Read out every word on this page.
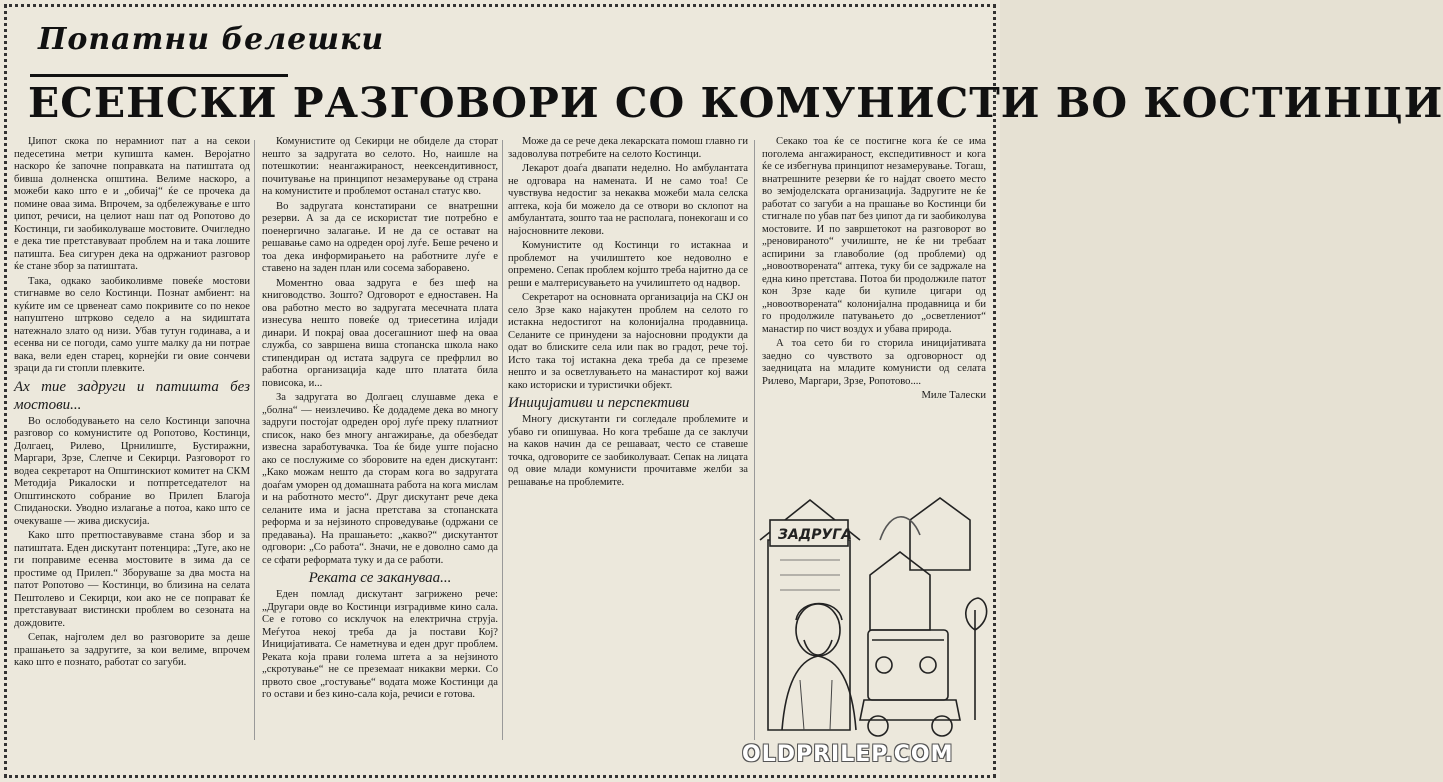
Попатни белешки
ЕСЕНСКИ РАЗГОВОРИ СО КОМУНИСТИ ВО КОСТИНЦИ

Џипот скока по нерамниот пат а на секои педесетина метри купиштa камен. Веројатно наскоро ќе започне поправката на патиштата од бившa долненска општина. Велиме наскоро, а можеби како што е и „обичај“ ќе се прочека да помине оваа зима. Впрочем, за одбележување е што џипот, речиси, на целиот наш пат од Ропотово до Костинци, ги заобиколуваше мостовите. Очигледно е дека тие претставуваат проблем на и така лошите патишта. Беа сигурен дека на одржаниот разговор ќе стане збор за патиштата.

Така, одкако заобиколивме повеќе мостови стигнавме во село Костинци. Познат амбиент: на куќите им се црвенеат само покривите со по некое напуштено штрково седело а на ѕидиштата натежнало злато од низи. Убав тутун годинава, а и есенва ни се погоди, само уште малку да ни потрае вака, вели еден старец, корнејќи ги овие сончеви зраци да ги стопли плевките.

Ах тие задруги и патишта без мостови...

Во ослободувањето на село Костинци започна разговор со комунистите од Ропотово, Костинци, Долгаец, Рилево, Црнилиште, Бустиражни, Маргари, Зрзе, Слепче и Секирци. Разговорот го водеа секретарот на Општинскиот комитет на СКМ Методија Рикалоски и потпретседателот на Општинското собрание во Прилеп Благоја Спиданоски. Уводно излагање а потоа, како што се очекуваше — жива дискусија.

Како што претпоставувавме стана збор и за патиштата. Еден дискутант потенцира: „Туге, ако не ги поправиме есенва мостовите в зима да се простиме од Прилеп.“ Зборуваше за два моста на патот Ропотово — Костинци, во близина на селата Пештолево и Секирци, кои ако не се поправат ќе претставуваат вистински проблем во сезоната на дождовите.

Сепак, најголем дел во разговорите за деше прашањето за задругите, за кои велиме, впрочем како што е познато, работат со загуби.

Комунистите од Секирци не обиделе да сторат нешто за задругата во селото. Но, наишле на потешкотии: неангажираност, неексендитивност, почитување на принципот незамерување од страна на комунистите и проблемот останал статус кво.

Во задругата констатирани се внатрешни резерви. А за да се искористат тие потребно е поенергично залагање. И не да се остават на решавање само на одреден орој луѓе. Беше речено и тоа дека информирањето на работните луѓе е ставено на заден план или сосема заборавено.

Моментно оваа задруга е без шеф на книговодство. Зошто? Одговорот е едноставен. На ова работно место во задругата месечната плата изнесува нешто повеќе од триесетина илјади динари. И покрај оваа досегашниот шеф на оваа служба, со завршена виша стопанска школа нако стипендиран од истата задруга се префрлил во работна организација каде што платата била повисока, и...

За задругата во Долгаец слушавме дека е „болна“ — неизлечиво. Ќе додадеме дека во многу задруги постојат одреден орој луѓе преку платниот список, нако без многу ангажирање, да обезбедат извесна заработувачка. Тоа ќе биде уште појасно ако се послужиме со зборовите на еден дискутант: „Како можам нешто да сторам кога во задругата доаѓам уморен од домашната работа на кога мислам и на работното место“. Друг дискутант рече дека селаните има и јасна претстава за стопанската реформа и за нејзиното спроведување (одржани се предавања). На прашањето: „какво?“ дискутантот одговори: „Со работа“. Значи, не е доволно само да се сфати реформата туку и да се работи.

Реката се закануваa...

Еден помлад дискутант загрижено рече: „Другари овде во Костинци изградивме кино сала. Се е готово со исклучок на електрична струја. Меѓутоа некој треба да ја постави Кој? Иницијативата. Се наметнува и еден друг проблем. Реката која прави голема штета а за нејзиното „скротување“ не се преземаат никакви мерки. Со првото свое „гостување“ водата може Костинци да го остави и без кино-сала која, речиси е готова.

Може да се рече дека лекарската помош главно ги задоволува потребите на селото Костинци.

Лекарот доаѓа двапати неделно. Но амбулантата не одговара на намената. И не само тоа! Се чувствува недостиг за некаква можеби мала селска аптека, која би можело да се отвори во склопот на амбулантата, зошто таа не располага, понекогаш и со најосновните лекови.

Комунистите од Костинци го истакнаа и проблемот на училиштето кое недоволно е опремено. Сепак проблем којшто треба најитно да се реши е малтерисувањето на училиштето од надвор.

Секретарот на основната организација на СКЈ он село Зрзе како најакутен проблем на селото го истакна недостигот на колонијална продавница. Селаните се принудени за најосновни продукти да одат во блиските села или пак во градот, рече тој. Исто така тој истакна дека треба да се преземе нешто и за осветлувањето на манастирот кој важи како историски и туристички објект.

Иницијативи и перспективи

Многу дискутанти ги согледале проблемите и убаво ги опишуваа. Но кога требаше да се заклучи на каков начин да се решаваат, често се ставеше точка, одговорите се заобиколуваат. Сепак на лицата од овие млади комунисти прочитавме желби за решавање на проблемите.

Секако тоа ќе се постигне кога ќе се има поголема ангажираност, експедитивност и кога ќе се избегнува принципот незамерување. Тогаш, внатрешните резерви ќе го најдат своето место во земјоделската организација. Задругите не ќе работат со загуби а на прашање во Костинци би стигнале по убав пат без џипот да ги заобиколува мостовите. И по завршетокот на разговорот во „реновираното“ училиште, не ќе ни требаат аспирини за главоболие (од проблеми) од „новоотворената“ аптека, туку би се задржале на една кино претставa. Потоа би продолжиле патот кон Зрзе каде би купиле цигари од „новоотворената“ колонијална продавница и би го продолжиле патувањето до „осветлениот“ манастир по чист воздух и убава природа.

А тоа сето би го сторила иницијативата заедно со чувството за одговорност од заедницата на младите комунисти од селата Рилево, Маргари, Зрзе, Ропотово....

Миле Талески

ЗАДРУГА
OLDPRILEP.COM
